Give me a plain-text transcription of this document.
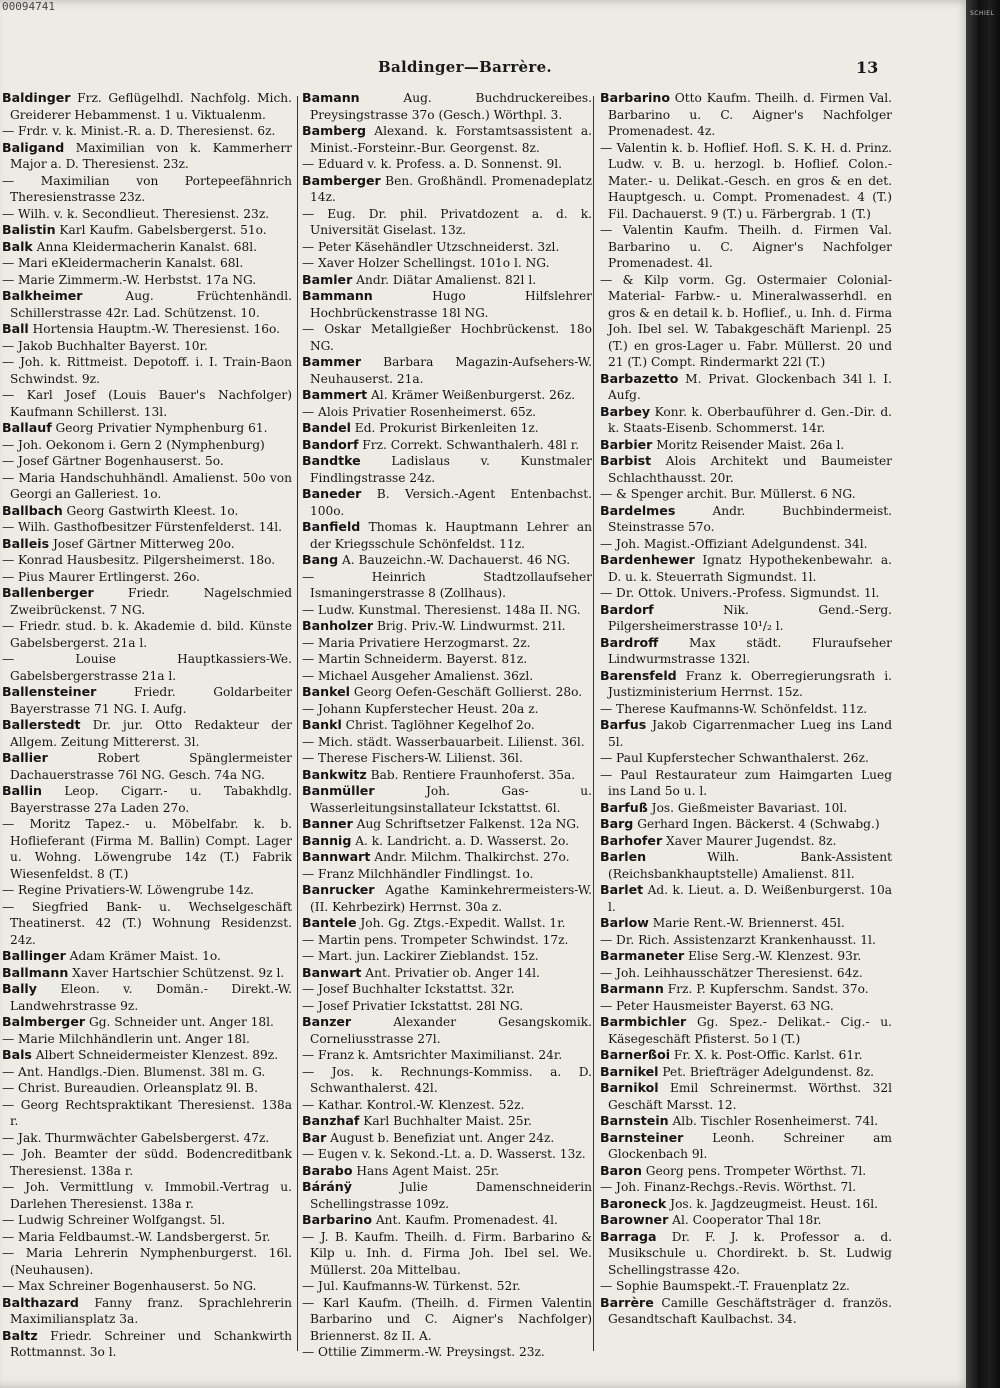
00094741
Baldinger—Barrère.	13
Baldinger Frz. Geflügelhdl. Nachfolg. Mich. Greiderer Hebammenst. 1 u. Viktualenm.
— Frdr. v. k. Minist.-R. a. D. Theresienst. 6z.
Baligand Maximilian von k. Kammerherr Major a. D. Theresienst. 23z.
— Maximilian von Portepeefähnrich Theresienstrasse 23z.
— Wilh. v. k. Secondlieut. Theresienst. 23z.
Balistin Karl Kaufm. Gabelsbergerst. 51o.
Balk Anna Kleidermacherin Kanalst. 68l.
— Mari eKleidermacherin Kanalst. 68l.
— Marie Zimmerm.-W. Herbstst. 17a NG.
Balkheimer Aug. Früchtenhändl. Schillerstrasse 42r. Lad. Schützenst. 10.
Ball Hortensia Hauptm.-W. Theresienst. 16o.
— Jakob Buchhalter Bayerst. 10r.
— Joh. k. Rittmeist. Depotoff. i. I. Train-Baon Schwindst. 9z.
— Karl Josef (Louis Bauer's Nachfolger) Kaufmann Schillerst. 13l.
Ballauf Georg Privatier Nymphenburg 61.
— Joh. Oekonom i. Gern 2 (Nymphenburg)
— Josef Gärtner Bogenhauserst. 5o.
— Maria Handschuhhändl. Amalienst. 50o von Georgi an Galleriest. 1o.
Ballbach Georg Gastwirth Kleest. 1o.
— Wilh. Gasthofbesitzer Fürstenfelderst. 14l.
Balleis Josef Gärtner Mitterweg 20o.
— Konrad Hausbesitz. Pilgersheimerst. 18o.
— Pius Maurer Ertlingerst. 26o.
Ballenberger Friedr. Nagelschmied Zweibrückenst. 7 NG.
— Friedr. stud. b. k. Akademie d. bild. Künste Gabelsbergerst. 21a l.
— Louise Hauptkassiers-We. Gabelsbergerstrasse 21a l.
Ballensteiner Friedr. Goldarbeiter Bayerstrasse 71 NG. I. Aufg.
Ballerstedt Dr. jur. Otto Redakteur der Allgem. Zeitung Mittererst. 3l.
Ballier Robert Spänglermeister Dachauerstrasse 76l NG. Gesch. 74a NG.
Ballin Leop. Cigarr.- u. Tabakhdlg. Bayerstrasse 27a Laden 27o.
— Moritz Tapez.- u. Möbelfabr. k. b. Hoflieferant (Firma M. Ballin) Compt. Lager u. Wohng. Löwengrube 14z (T.) Fabrik Wiesenfeldst. 8 (T.)
— Regine Privatiers-W. Löwengrube 14z.
— Siegfried Bank- u. Wechselgeschäft Theatinerst. 42 (T.) Wohnung Residenzst. 24z.
Ballinger Adam Krämer Maist. 1o.
Ballmann Xaver Hartschier Schützenst. 9z l.
Bally Eleon. v. Domän.- Direkt.-W. Landwehrstrasse 9z.
Balmberger Gg. Schneider unt. Anger 18l.
— Marie Milchhändlerin unt. Anger 18l.
Bals Albert Schneidermeister Klenzest. 89z.
— Ant. Handlgs.-Dien. Blumenst. 38l m. G.
— Christ. Bureaudien. Orleansplatz 9l. B.
— Georg Rechtspraktikant Theresienst. 138a r.
— Jak. Thurmwächter Gabelsbergerst. 47z.
— Joh. Beamter der südd. Bodencreditbank Theresienst. 138a r.
— Joh. Vermittlung v. Immobil.-Vertrag u. Darlehen Theresienst. 138a r.
— Ludwig Schreiner Wolfgangst. 5l.
— Maria Feldbaumst.-W. Landsbergerst. 5r.
— Maria Lehrerin Nymphenburgerst. 16l. (Neuhausen).
— Max Schreiner Bogenhauserst. 5o NG.
Balthazard Fanny franz. Sprachlehrerin Maximiliansplatz 3a.
Baltz Friedr. Schreiner und Schankwirth Rottmannst. 3o l.
Bamann Aug. Buchdruckereibes. Preysingstrasse 37o (Gesch.) Wörthpl. 3.
Bamberg Alexand. k. Forstamtsassistent a. Minist.-Forsteinr.-Bur. Georgenst. 8z.
— Eduard v. k. Profess. a. D. Sonnenst. 9l.
Bamberger Ben. Großhändl. Promenadeplatz 14z.
— Eug. Dr. phil. Privatdozent a. d. k. Universität Giselast. 13z.
— Peter Käsehändler Utzschneiderst. 3zl.
— Xaver Holzer Schellingst. 101o l. NG.
Bamler Andr. Diätar Amalienst. 82l l.
Bammann Hugo Hilfslehrer Hochbrückenstrasse 18l NG.
— Oskar Metallgießer Hochbrückenst. 18o NG.
Bammer Barbara Magazin-Aufsehers-W. Neuhauserst. 21a.
Bammert Al. Krämer Weißenburgerst. 26z.
— Alois Privatier Rosenheimerst. 65z.
Bandel Ed. Prokurist Birkenleiten 1z.
Bandorf Frz. Correkt. Schwanthalerh. 48l r.
Bandtke Ladislaus v. Kunstmaler Findlingstrasse 24z.
Baneder B. Versich.-Agent Entenbachst. 100o.
Banfield Thomas k. Hauptmann Lehrer an der Kriegsschule Schönfeldst. 11z.
Bang A. Bauzeichn.-W. Dachauerst. 46 NG.
— Heinrich Stadtzollaufseher Ismaningerstrasse 8 (Zollhaus).
— Ludw. Kunstmal. Theresienst. 148a II. NG.
Banholzer Brig. Priv.-W. Lindwurmst. 21l.
— Maria Privatiere Herzogmarst. 2z.
— Martin Schneiderm. Bayerst. 81z.
— Michael Ausgeher Amalienst. 36zl.
Bankel Georg Oefen-Geschäft Gollierst. 28o.
— Johann Kupferstecher Heust. 20a z.
Bankl Christ. Taglöhner Kegelhof 2o.
— Mich. städt. Wasserbauarbeit. Lilienst. 36l.
— Therese Fischers-W. Lilienst. 36l.
Bankwitz Bab. Rentiere Fraunhoferst. 35a.
Banmüller Joh. Gas- u. Wasserleitungsinstallateur Ickstattst. 6l.
Banner Aug Schriftsetzer Falkenst. 12a NG.
Bannig A. k. Landricht. a. D. Wasserst. 2o.
Bannwart Andr. Milchm. Thalkirchst. 27o.
— Franz Milchhändler Findlingst. 1o.
Banrucker Agathe Kaminkehrermeisters-W. (II. Kehrbezirk) Herrnst. 30a z.
Bantele Joh. Gg. Ztgs.-Expedit. Wallst. 1r.
— Martin pens. Trompeter Schwindst. 17z.
— Mart. jun. Lackirer Zieblandst. 15z.
Banwart Ant. Privatier ob. Anger 14l.
— Josef Buchhalter Ickstattst. 32r.
— Josef Privatier Ickstattst. 28l NG.
Banzer Alexander Gesangskomik. Corneliusstrasse 27l.
— Franz k. Amtsrichter Maximilianst. 24r.
— Jos. k. Rechnungs-Kommiss. a. D. Schwanthalerst. 42l.
— Kathar. Kontrol.-W. Klenzest. 52z.
Banzhaf Karl Buchhalter Maist. 25r.
Bar August b. Benefiziat unt. Anger 24z.
— Eugen v. k. Sekond.-Lt. a. D. Wasserst. 13z.
Barabo Hans Agent Maist. 25r.
Báránÿ Julie Damenschneiderin Schellingstrasse 109z.
Barbarino Ant. Kaufm. Promenadest. 4l.
— J. B. Kaufm. Theilh. d. Firm. Barbarino & Kilp u. Inh. d. Firma Joh. Ibel sel. We. Müllerst. 20a Mittelbau.
— Jul. Kaufmanns-W. Türkenst. 52r.
— Karl Kaufm. (Theilh. d. Firmen Valentin Barbarino und C. Aigner's Nachfolger) Briennerst. 8z II. A.
— Ottilie Zimmerm.-W. Preysingst. 23z.
Barbarino Otto Kaufm. Theilh. d. Firmen Val. Barbarino u. C. Aigner's Nachfolger Promenadest. 4z.
— Valentin k. b. Hoflief. Hofl. S. K. H. d. Prinz. Ludw. v. B. u. herzogl. b. Hoflief. Colon.-Mater.- u. Delikat.-Gesch. en gros & en det. Hauptgesch. u. Compt. Promenadest. 4 (T.) Fil. Dachauerst. 9 (T.) u. Färbergrab. 1 (T.)
— Valentin Kaufm. Theilh. d. Firmen Val. Barbarino u. C. Aigner's Nachfolger Promenadest. 4l.
— & Kilp vorm. Gg. Ostermaier Colonial-Material- Farbw.- u. Mineralwasserhdl. en gros & en detail k. b. Hoflief., u. Inh. d. Firma Joh. Ibel sel. W. Tabakgeschäft Marienpl. 25 (T.) en gros-Lager u. Fabr. Müllerst. 20 und 21 (T.) Compt. Rindermarkt 22l (T.)
Barbazetto M. Privat. Glockenbach 34l l. I. Aufg.
Barbey Konr. k. Oberbauführer d. Gen.-Dir. d. k. Staats-Eisenb. Schommerst. 14r.
Barbier Moritz Reisender Maist. 26a l.
Barbist Alois Architekt und Baumeister Schlachthausst. 20r.
— & Spenger archit. Bur. Müllerst. 6 NG.
Bardelmes Andr. Buchbindermeist. Steinstrasse 57o.
— Joh. Magist.-Offiziant Adelgundenst. 34l.
Bardenhewer Ignatz Hypothekenbewahr. a. D. u. k. Steuerrath Sigmundst. 1l.
— Dr. Ottok. Univers.-Profess. Sigmundst. 1l.
Bardorf Nik. Gend.-Serg. Pilgersheimerstrasse 10¹/₂ l.
Bardroff Max städt. Fluraufseher Lindwurmstrasse 132l.
Barensfeld Franz k. Oberregierungsrath i. Justizministerium Herrnst. 15z.
— Therese Kaufmanns-W. Schönfeldst. 11z.
Barfus Jakob Cigarrenmacher Lueg ins Land 5l.
— Paul Kupferstecher Schwanthalerst. 26z.
— Paul Restaurateur zum Haimgarten Lueg ins Land 5o u. l.
Barfuß Jos. Gießmeister Bavariast. 10l.
Barg Gerhard Ingen. Bäckerst. 4 (Schwabg.)
Barhofer Xaver Maurer Jugendst. 8z.
Barlen Wilh. Bank-Assistent (Reichsbankhauptstelle) Amalienst. 81l.
Barlet Ad. k. Lieut. a. D. Weißenburgerst. 10a l.
Barlow Marie Rent.-W. Briennerst. 45l.
— Dr. Rich. Assistenzarzt Krankenhausst. 1l.
Barmaneter Elise Serg.-W. Klenzest. 93r.
— Joh. Leihhausschätzer Theresienst. 64z.
Barmann Frz. P. Kupferschm. Sandst. 37o.
— Peter Hausmeister Bayerst. 63 NG.
Barmbichler Gg. Spez.- Delikat.- Cig.- u. Käsegeschäft Pfisterst. 5o l (T.)
Barnerßoi Fr. X. k. Post-Offic. Karlst. 61r.
Barnikel Pet. Briefträger Adelgundenst. 8z.
Barnikol Emil Schreinermst. Wörthst. 32l Geschäft Marsst. 12.
Barnstein Alb. Tischler Rosenheimerst. 74l.
Barnsteiner Leonh. Schreiner am Glockenbach 9l.
Baron Georg pens. Trompeter Wörthst. 7l.
— Joh. Finanz-Rechgs.-Revis. Wörthst. 7l.
Baroneck Jos. k. Jagdzeugmeist. Heust. 16l.
Barowner Al. Cooperator Thal 18r.
Barraga Dr. F. J. k. Professor a. d. Musikschule u. Chordirekt. b. St. Ludwig Schellingstrasse 42o.
— Sophie Baumspekt.-T. Frauenplatz 2z.
Barrère Camille Geschäftsträger d. französ. Gesandtschaft Kaulbachst. 34.
SCHIEL
